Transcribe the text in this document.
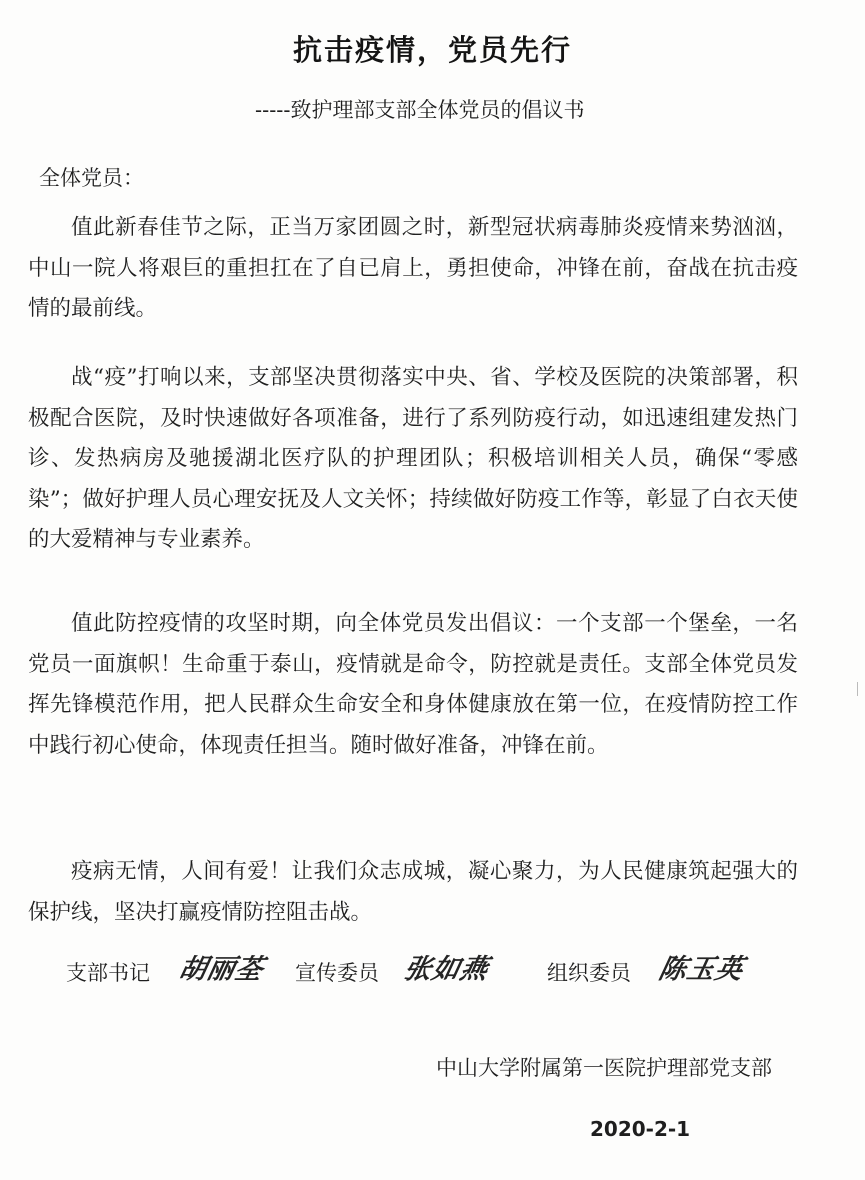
抗击疫情，党员先行
-----致护理部支部全体党员的倡议书
全体党员：

值此新春佳节之际，正当万家团圆之时，新型冠状病毒肺炎疫情来势汹汹，中山一院人将艰巨的重担扛在了自已肩上，勇担使命，冲锋在前，奋战在抗击疫情的最前线。

战“疫”打响以来，支部坚决贯彻落实中央、省、学校及医院的决策部署，积极配合医院，及时快速做好各项准备，进行了系列防疫行动，如迅速组建发热门诊、发热病房及驰援湖北医疗队的护理团队；积极培训相关人员，确保“零感染”；做好护理人员心理安抚及人文关怀；持续做好防疫工作等，彰显了白衣天使的大爱精神与专业素养。

值此防控疫情的攻坚时期，向全体党员发出倡议：一个支部一个堡垒，一名党员一面旗帜！生命重于泰山，疫情就是命令，防控就是责任。支部全体党员发挥先锋模范作用，把人民群众生命安全和身体健康放在第一位，在疫情防控工作中践行初心使命，体现责任担当。随时做好准备，冲锋在前。

疫病无情，人间有爱！让我们众志成城，凝心聚力，为人民健康筑起强大的保护线，坚决打赢疫情防控阻击战。

支部书记 胡丽荃 宣传委员 张如燕	组织委员 陈玉英
中山大学附属第一医院护理部党支部
2020-2-1
